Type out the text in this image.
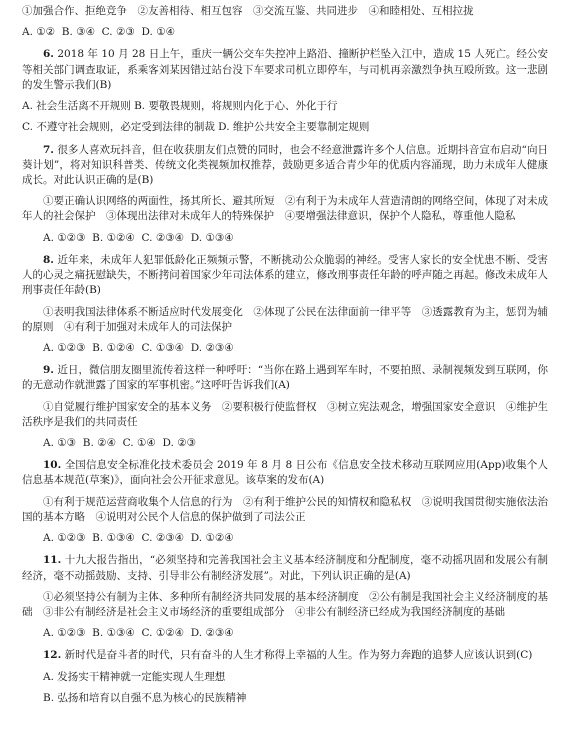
①加强合作、拒绝竞争　②友善相待、相互包容　③交流互鉴、共同进步　④和睦相处、互相拉拢

A. ①②  B. ③④  C. ②③  D. ①④

6. 2018 年 10 月 28 日上午，重庆一辆公交车失控冲上路沿、撞断护栏坠入江中，造成 15 人死亡。经公安等相关部门调查取证，系乘客刘某因错过站台没下车要求司机立即停车，与司机再亲激烈争执互殴所致。这一悲剧的发生警示我们(B)

A. 社会生活离不开规则 B. 要敬畏规则，将规则内化于心、外化于行

C. 不遵守社会规则，必定受到法律的制裁 D. 维护公共安全主要靠制定规则

7. 很多人喜欢玩抖音，但在收获朋友们点赞的同时，也会不经意泄露许多个人信息。近期抖音宣布启动“向日葵计划”，将对知识科普类、传统文化类视频加权推荐，鼓励更多适合青少年的优质内容涌现，助力未成年人健康成长。对此认识正确的是(B)

①要正确认识网络的两面性，扬其所长、避其所短　②有利于为未成年人营造清朗的网络空间，体现了对未成年人的社会保护　③体现出法律对未成年人的特殊保护　④要增强法律意识，保护个人隐私，尊重他人隐私

A. ①②③  B. ①②④  C. ②③④  D. ①③④

8. 近年来，未成年人犯罪低龄化正频频示警，不断挑动公众脆弱的神经。受害人家长的安全忧患不断、受害人的心灵之痛抚慰缺失，不断拷问着国家少年司法体系的建立，修改刑事责任年龄的呼声随之再起。修改未成年人刑事责任年龄(B)

①表明我国法律体系不断适应时代发展变化　②体现了公民在法律面前一律平等　③透露教育为主，惩罚为辅的原则　④有利于加强对未成年人的司法保护

A. ①②③  B. ①②④  C. ①③④  D. ②③④

9. 近日，微信朋友圈里流传着这样一种呼吁：“当你在路上遇到军车时，不要拍照、录制视频发到互联网，你的无意动作就泄露了国家的军事机密。”这呼吁告诉我们(A)

①自觉履行维护国家安全的基本义务　②要积极行使监督权　③树立宪法观念，增强国家安全意识　④维护生活秩序是我们的共同责任

A. ①③  B. ②④  C. ①④  D. ②③

10. 全国信息安全标准化技术委员会 2019 年 8 月 8 日公布《信息安全技术移动互联网应用(App)收集个人信息基本规范(草案)》，面向社会公开征求意见。该草案的发布(A)

①有利于规范运营商收集个人信息的行为　②有利于维护公民的知情权和隐私权　③说明我国贯彻实施依法治国的基本方略　④说明对公民个人信息的保护做到了司法公正

A. ①②③  B. ①③④  C. ②③④  D. ①②④

11. 十九大报告指出，“必须坚持和完善我国社会主义基本经济制度和分配制度，毫不动摇巩固和发展公有制经济，毫不动摇鼓励、支持、引导非公有制经济发展”。对此，下列认识正确的是(A)

①必须坚持公有制为主体、多种所有制经济共同发展的基本经济制度　②公有制是我国社会主义经济制度的基础　③非公有制经济是社会主义市场经济的重要组成部分　④非公有制经济已经成为我国经济制度的基础

A. ①②③  B. ①③④  C. ①②④  D. ②③④

12. 新时代是奋斗者的时代，只有奋斗的人生才称得上幸福的人生。作为努力奔跑的追梦人应该认识到(C)

A. 发扬实干精神就一定能实现人生理想

B. 弘扬和培育以自强不息为核心的民族精神
